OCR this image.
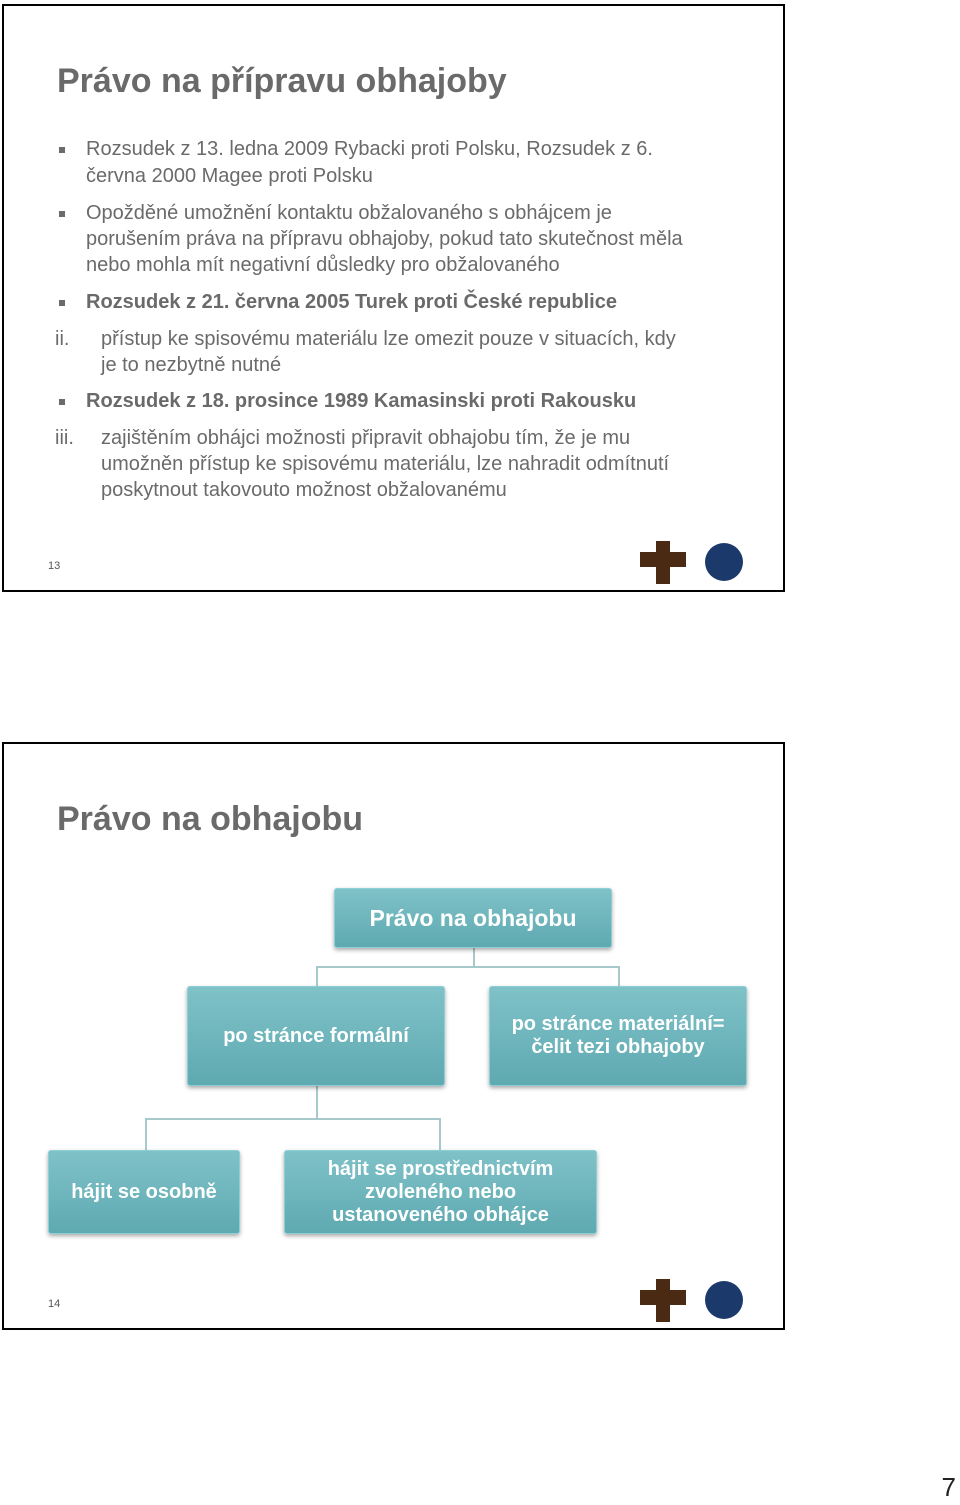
Právo na přípravu obhajoby
Rozsudek z 13. ledna 2009 Rybacki proti Polsku, Rozsudek z 6.
června 2000 Magee proti Polsku
Opožděné umožnění kontaktu obžalovaného s obhájcem je
porušením práva na přípravu obhajoby, pokud tato skutečnost měla
nebo mohla mít negativní důsledky pro obžalovaného
Rozsudek z 21. června 2005 Turek proti České republice
ii. přístup ke spisovému materiálu lze omezit pouze v situacích, kdy
je to nezbytně nutné
Rozsudek z 18. prosince 1989 Kamasinski proti Rakousku
iii. zajištěním obhájci možnosti připravit obhajobu tím, že je mu
umožněn přístup ke spisovému materiálu, lze nahradit odmítnutí
poskytnout takovouto možnost obžalovanému
13
Právo na obhajobu
Právo na obhajobu
po stránce formální
po stránce materiální=
čelit tezi obhajoby
hájit se osobně
hájit se prostřednictvím
zvoleného nebo
ustanoveného obhájce
14
7
